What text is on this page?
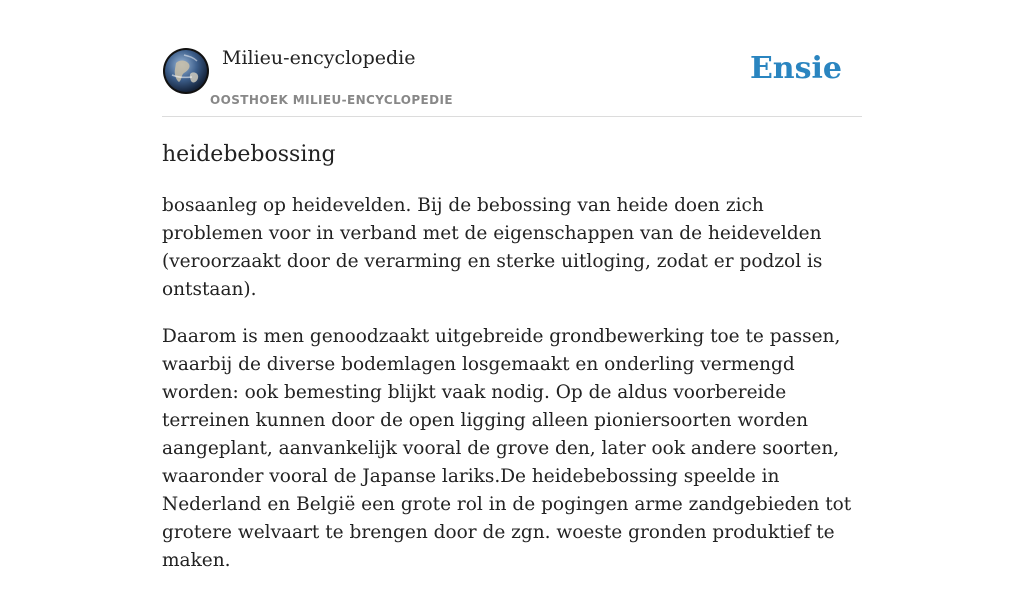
Milieu-encyclopedie
OOSTHOEK MILIEU-ENCYCLOPEDIE
Ensie
heidebebossing

bosaanleg op heidevelden. Bij de bebossing van heide doen zich problemen voor in verband met de eigenschappen van de heidevelden (veroorzaakt door de verarming en sterke uitloging, zodat er podzol is ontstaan).

Daarom is men genoodzaakt uitgebreide grondbewerking toe te passen, waarbij de diverse bodemlagen losgemaakt en onderling vermengd worden: ook bemesting blijkt vaak nodig. Op de aldus voorbereide terreinen kunnen door de open ligging alleen pioniersoorten worden aangeplant, aanvankelijk vooral de grove den, later ook andere soorten, waaronder vooral de Japanse lariks.De heidebebossing speelde in Nederland en België een grote rol in de pogingen arme zandgebieden tot grotere welvaart te brengen door de zgn. woeste gronden produktief te maken.
